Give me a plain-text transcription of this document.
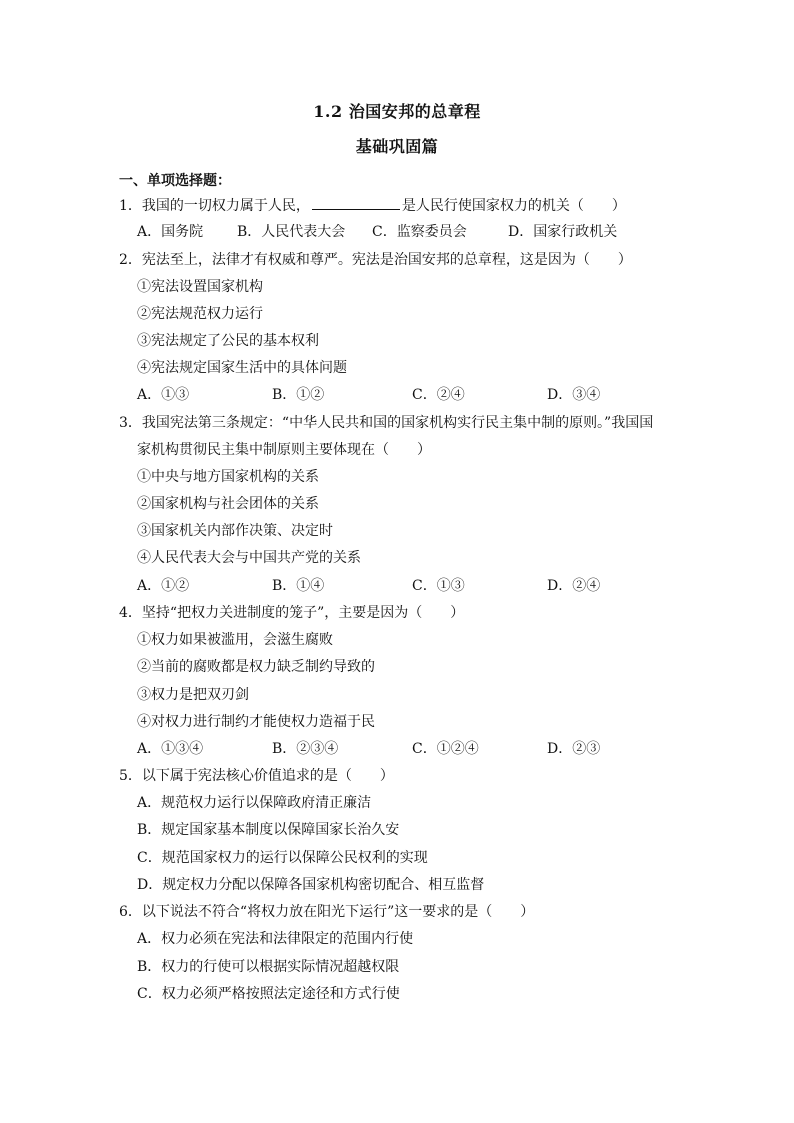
1.2 治国安邦的总章程
基础巩固篇
一、单项选择题：
1．我国的一切权力属于人民，	是人民行使国家权力的机关（　　）
A．国务院 B．人民代表大会 C．监察委员会	D．国家行政机关
2．宪法至上，法律才有权威和尊严。宪法是治国安邦的总章程，这是因为（　　）
①宪法设置国家机构
②宪法规范权力运行
③宪法规定了公民的基本权利
④宪法规定国家生活中的具体问题
A．①③	B．①②	C．②④	D．③④
3．我国宪法第三条规定：“中华人民共和国的国家机构实行民主集中制的原则。”我国国
家机构贯彻民主集中制原则主要体现在（　　）
①中央与地方国家机构的关系
②国家机构与社会团体的关系
③国家机关内部作决策、决定时
④人民代表大会与中国共产党的关系
A．①②	B．①④	C．①③	D．②④
4．坚持“把权力关进制度的笼子”，主要是因为（　　）
①权力如果被滥用，会滋生腐败
②当前的腐败都是权力缺乏制约导致的
③权力是把双刃剑
④对权力进行制约才能使权力造福于民
A．①③④	B．②③④	C．①②④	D．②③
5．以下属于宪法核心价值追求的是（　　）
A．规范权力运行以保障政府清正廉洁
B．规定国家基本制度以保障国家长治久安
C．规范国家权力的运行以保障公民权利的实现
D．规定权力分配以保障各国家机构密切配合、相互监督
6．以下说法不符合“将权力放在阳光下运行”这一要求的是（　　）
A．权力必须在宪法和法律限定的范围内行使
B．权力的行使可以根据实际情况超越权限
C．权力必须严格按照法定途径和方式行使
